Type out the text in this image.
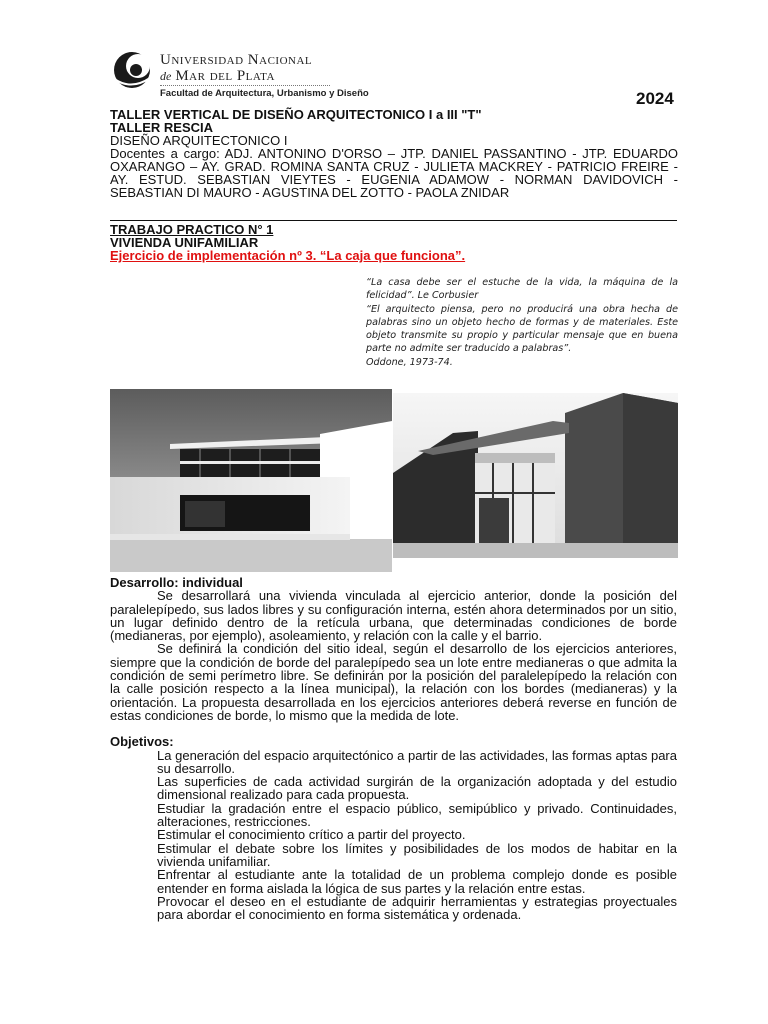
Universidad Nacional
de Mar del Plata
Facultad de Arquitectura, Urbanismo y Diseño	2024
TALLER VERTICAL DE DISEÑO ARQUITECTONICO I a III "T"
TALLER RESCIA
DISEÑO ARQUITECTONICO I
Docentes a cargo: ADJ. ANTONINO D'ORSO – JTP. DANIEL PASSANTINO - JTP. EDUARDO OXARANGO – AY. GRAD. ROMINA SANTA CRUZ - JULIETA MACKREY - PATRICIO FREIRE -AY. ESTUD. SEBASTIAN VIEYTES - EUGENIA ADAMOW - NORMAN DAVIDOVICH - SEBASTIAN DI MAURO - AGUSTINA DEL ZOTTO - PAOLA ZNIDAR
TRABAJO PRACTICO N° 1
VIVIENDA UNIFAMILIAR
Ejercicio de implementación nº 3. “La caja que funciona”.
“La casa debe ser el estuche de la vida, la máquina de la felicidad”. Le Corbusier
“El arquitecto piensa, pero no producirá una obra hecha de palabras sino un objeto hecho de formas y de materiales. Este objeto transmite su propio y particular mensaje que en buena parte no admite ser traducido a palabras”.
Oddone, 1973-74.

Desarrollo: individual

Se desarrollará una vivienda vinculada al ejercicio anterior, donde la posición del paralelepípedo, sus lados libres y su configuración interna, estén ahora determinados por un sitio, un lugar definido dentro de la retícula urbana, que determinadas condiciones de borde (medianeras, por ejemplo), asoleamiento, y relación con la calle y el barrio.

Se definirá la condición del sitio ideal, según el desarrollo de los ejercicios anteriores, siempre que la condición de borde del paralepípedo sea un lote entre medianeras o que admita la condición de semi perímetro libre. Se definirán por la posición del paralelepípedo la relación con la calle posición respecto a la línea municipal), la relación con los bordes (medianeras) y la orientación. La propuesta desarrollada en los ejercicios anteriores deberá reverse en función de estas condiciones de borde, lo mismo que la medida de lote.

Objetivos:

La generación del espacio arquitectónico a partir de las actividades, las formas aptas para su desarrollo.
Las superficies de cada actividad surgirán de la organización adoptada y del estudio dimensional realizado para cada propuesta.
Estudiar la gradación entre el espacio público, semipúblico y privado. Continuidades, alteraciones, restricciones.
Estimular el conocimiento crítico a partir del proyecto.
Estimular el debate sobre los límites y posibilidades de los modos de habitar en la vivienda unifamiliar.
Enfrentar al estudiante ante la totalidad de un problema complejo donde es posible entender en forma aislada la lógica de sus partes y la relación entre estas.
Provocar el deseo en el estudiante de adquirir herramientas y estrategias proyectuales para abordar el conocimiento en forma sistemática y ordenada.
